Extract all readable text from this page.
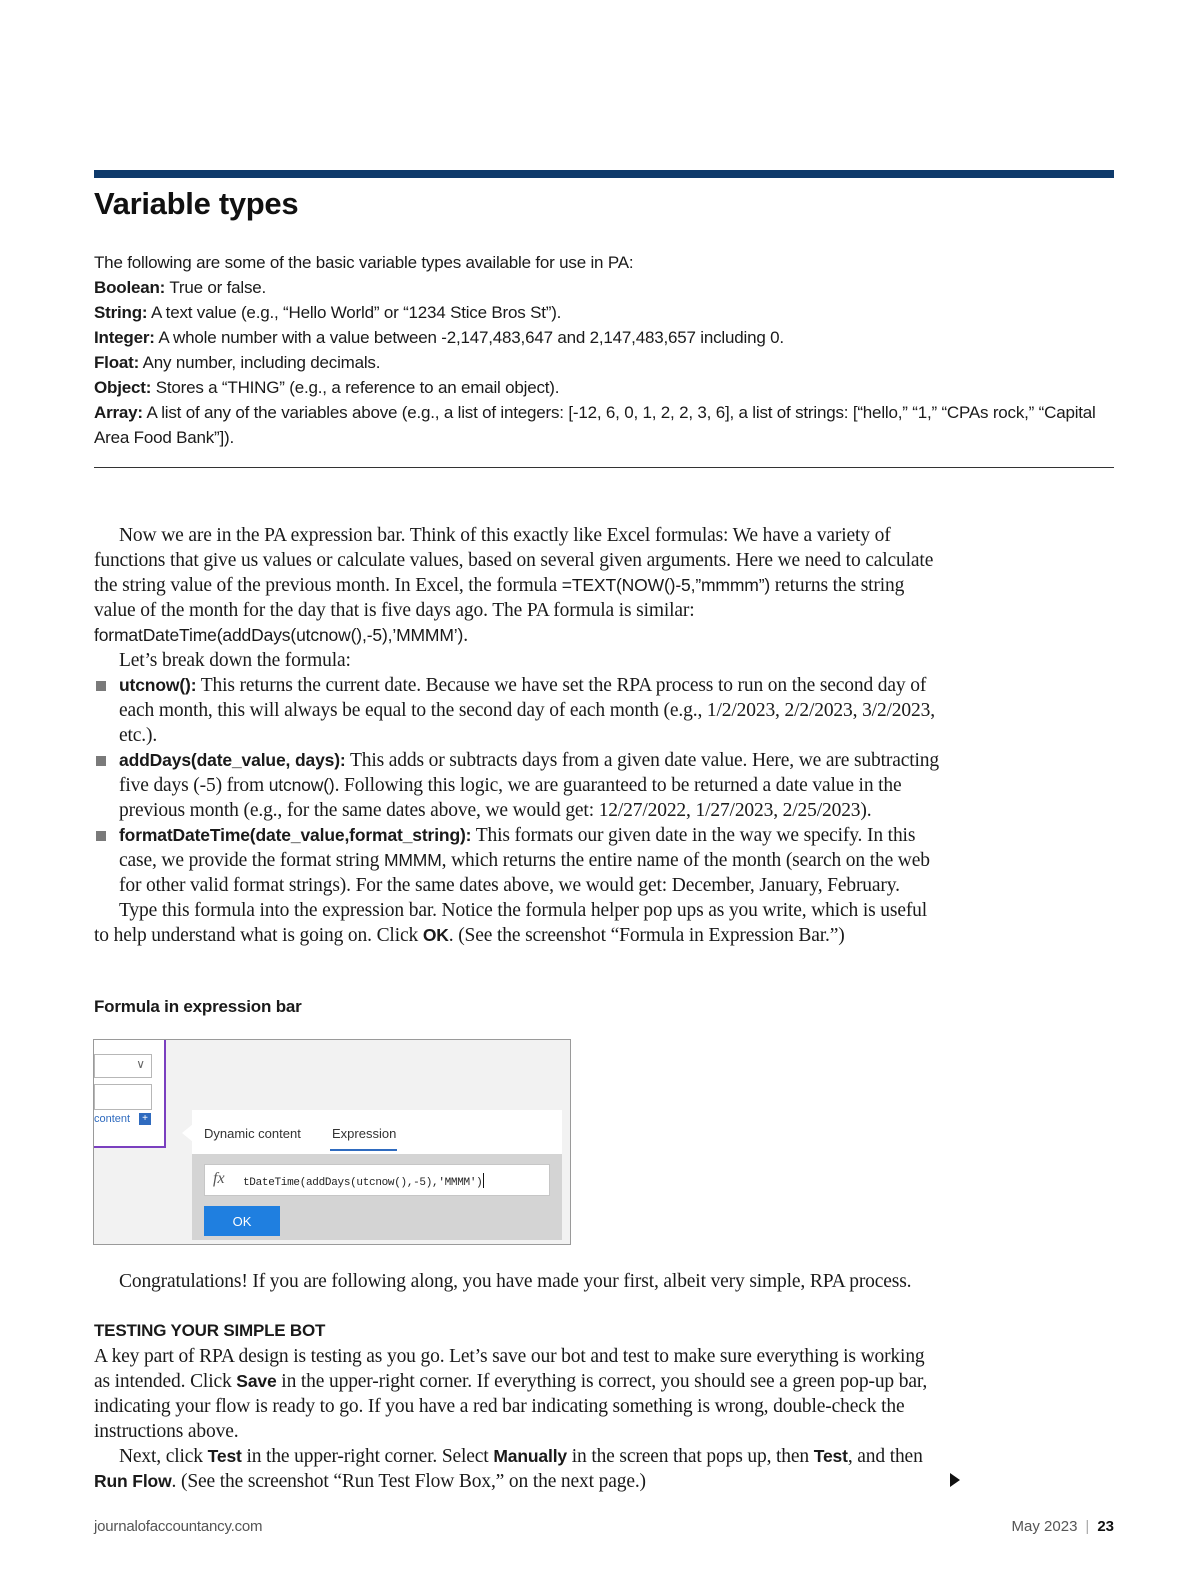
Variable types

The following are some of the basic variable types available for use in PA:

Boolean: True or false.

String: A text value (e.g., “Hello World” or “1234 Stice Bros St”).

Integer: A whole number with a value between -2,147,483,647 and 2,147,483,657 including 0.

Float: Any number, including decimals.

Object: Stores a “THING” (e.g., a reference to an email object).

Array: A list of any of the variables above (e.g., a list of integers: [-12, 6, 0, 1, 2, 2, 3, 6], a list of strings: [“hello,” “1,” “CPAs rock,” “Capital Area Food Bank”]).

Now we are in the PA expression bar. Think of this exactly like Excel formulas: We have a variety of functions that give us values or calculate values, based on several given arguments. Here we need to calculate the string value of the previous month. In Excel, the formula =TEXT(NOW()-5,”mmmm”) returns the string value of the month for the day that is five days ago. The PA formula is similar: formatDateTime(addDays(utcnow(),-5),’MMMM’).

Let’s break down the formula:

utcnow(): This returns the current date. Because we have set the RPA process to run on the second day of each month, this will always be equal to the second day of each month (e.g., 1/2/2023, 2/2/2023, 3/2/2023, etc.).

addDays(date_value, days): This adds or subtracts days from a given date value. Here, we are subtracting five days (-5) from utcnow(). Following this logic, we are guaranteed to be returned a date value in the previous month (e.g., for the same dates above, we would get: 12/27/2022, 1/27/2023, 2/25/2023).

formatDateTime(date_value,format_string): This formats our given date in the way we specify. In this case, we provide the format string MMMM, which returns the entire name of the month (search on the web for other valid format strings). For the same dates above, we would get: December, January, February.

Type this formula into the expression bar. Notice the formula helper pop ups as you write, which is useful to help understand what is going on. Click OK. (See the screenshot “Formula in Expression Bar.”)

Formula in expression bar
∨
content	+
Dynamic content Expression
fx tDateTime(addDays(utcnow(),-5),'MMMM')
OK

Congratulations! If you are following along, you have made your first, albeit very simple, RPA process.

TESTING YOUR SIMPLE BOT

A key part of RPA design is testing as you go. Let’s save our bot and test to make sure everything is working as intended. Click Save in the upper-right corner. If everything is correct, you should see a green pop-up bar, indicating your flow is ready to go. If you have a red bar indicating something is wrong, double-check the instructions above.

Next, click Test in the upper-right corner. Select Manually in the screen that pops up, then Test, and then Run Flow. (See the screenshot “Run Test Flow Box,” on the next page.)

journalofaccountancy.com	May 2023 | 23
